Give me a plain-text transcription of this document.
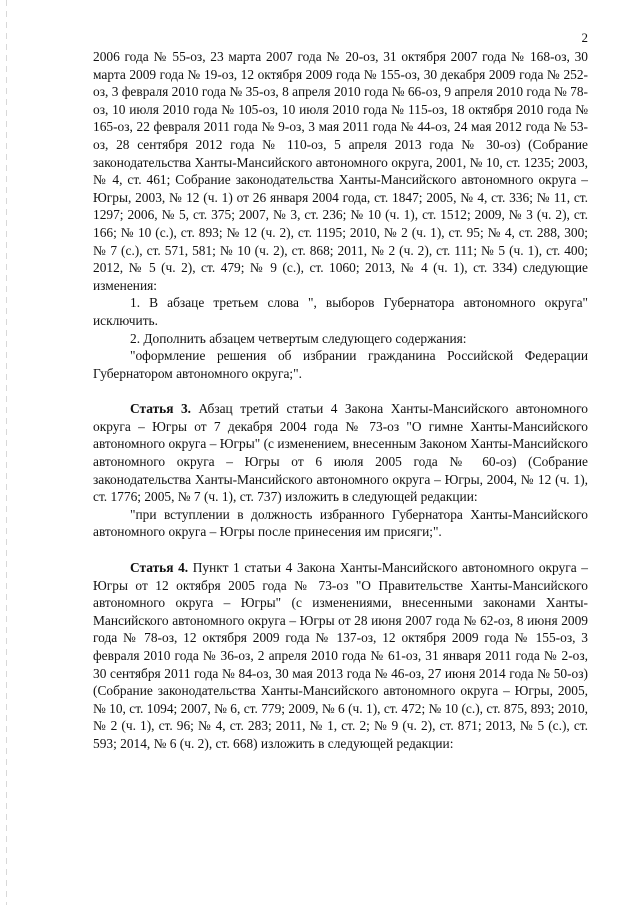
2

2006 года № 55-оз, 23 марта 2007 года № 20-оз, 31 октября 2007 года № 168-оз, 30 марта 2009 года № 19-оз, 12 октября 2009 года № 155-оз, 30 декабря 2009 года № 252-оз, 3 февраля 2010 года № 35-оз, 8 апреля 2010 года № 66-оз, 9 апреля 2010 года № 78-оз, 10 июля 2010 года № 105-оз, 10 июля 2010 года № 115-оз, 18 октября 2010 года № 165-оз, 22 февраля 2011 года № 9-оз, 3 мая 2011 года № 44-оз, 24 мая 2012 года № 53-оз, 28 сентября 2012 года № 110-оз, 5 апреля 2013 года № 30-оз) (Собрание законодательства Ханты-Мансийского автономного округа, 2001, № 10, ст. 1235; 2003, № 4, ст. 461; Собрание законодательства Ханты-Мансийского автономного округа – Югры, 2003, № 12 (ч. 1) от 26 января 2004 года, ст. 1847; 2005, № 4, ст. 336; № 11, ст. 1297; 2006, № 5, ст. 375; 2007, № 3, ст. 236; № 10 (ч. 1), ст. 1512; 2009, № 3 (ч. 2), ст. 166; № 10 (с.), ст. 893; № 12 (ч. 2), ст. 1195; 2010, № 2 (ч. 1), ст. 95; № 4, ст. 288, 300; № 7 (с.), ст. 571, 581; № 10 (ч. 2), ст. 868; 2011, № 2 (ч. 2), ст. 111; № 5 (ч. 1), ст. 400; 2012, № 5 (ч. 2), ст. 479; № 9 (с.), ст. 1060; 2013, № 4 (ч. 1), ст. 334) следующие изменения:

1. В абзаце третьем слова ", выборов Губернатора автономного округа" исключить.

2. Дополнить абзацем четвертым следующего содержания:

"оформление решения об избрании гражданина Российской Федерации Губернатором автономного округа;".

Статья 3. Абзац третий статьи 4 Закона Ханты-Мансийского автономного округа – Югры от 7 декабря 2004 года № 73-оз "О гимне Ханты-Мансийского автономного округа – Югры" (с изменением, внесенным Законом Ханты-Мансийского автономного округа – Югры от 6 июля 2005 года № 60-оз) (Собрание законодательства Ханты-Мансийского автономного округа – Югры, 2004, № 12 (ч. 1), ст. 1776; 2005, № 7 (ч. 1), ст. 737) изложить в следующей редакции:

"при вступлении в должность избранного Губернатора Ханты-Мансийского автономного округа – Югры после принесения им присяги;".

Статья 4. Пункт 1 статьи 4 Закона Ханты-Мансийского автономного округа – Югры от 12 октября 2005 года № 73-оз "О Правительстве Ханты-Мансийского автономного округа – Югры" (с изменениями, внесенными законами Ханты-Мансийского автономного округа – Югры от 28 июня 2007 года № 62-оз, 8 июня 2009 года № 78-оз, 12 октября 2009 года № 137-оз, 12 октября 2009 года № 155-оз, 3 февраля 2010 года № 36-оз, 2 апреля 2010 года № 61-оз, 31 января 2011 года № 2-оз, 30 сентября 2011 года № 84-оз, 30 мая 2013 года № 46-оз, 27 июня 2014 года № 50-оз) (Собрание законодательства Ханты-Мансийского автономного округа – Югры, 2005, № 10, ст. 1094; 2007, № 6, ст. 779; 2009, № 6 (ч. 1), ст. 472; № 10 (с.), ст. 875, 893; 2010, № 2 (ч. 1), ст. 96; № 4, ст. 283; 2011, № 1, ст. 2; № 9 (ч. 2), ст. 871; 2013, № 5 (с.), ст. 593; 2014, № 6 (ч. 2), ст. 668) изложить в следующей редакции:
